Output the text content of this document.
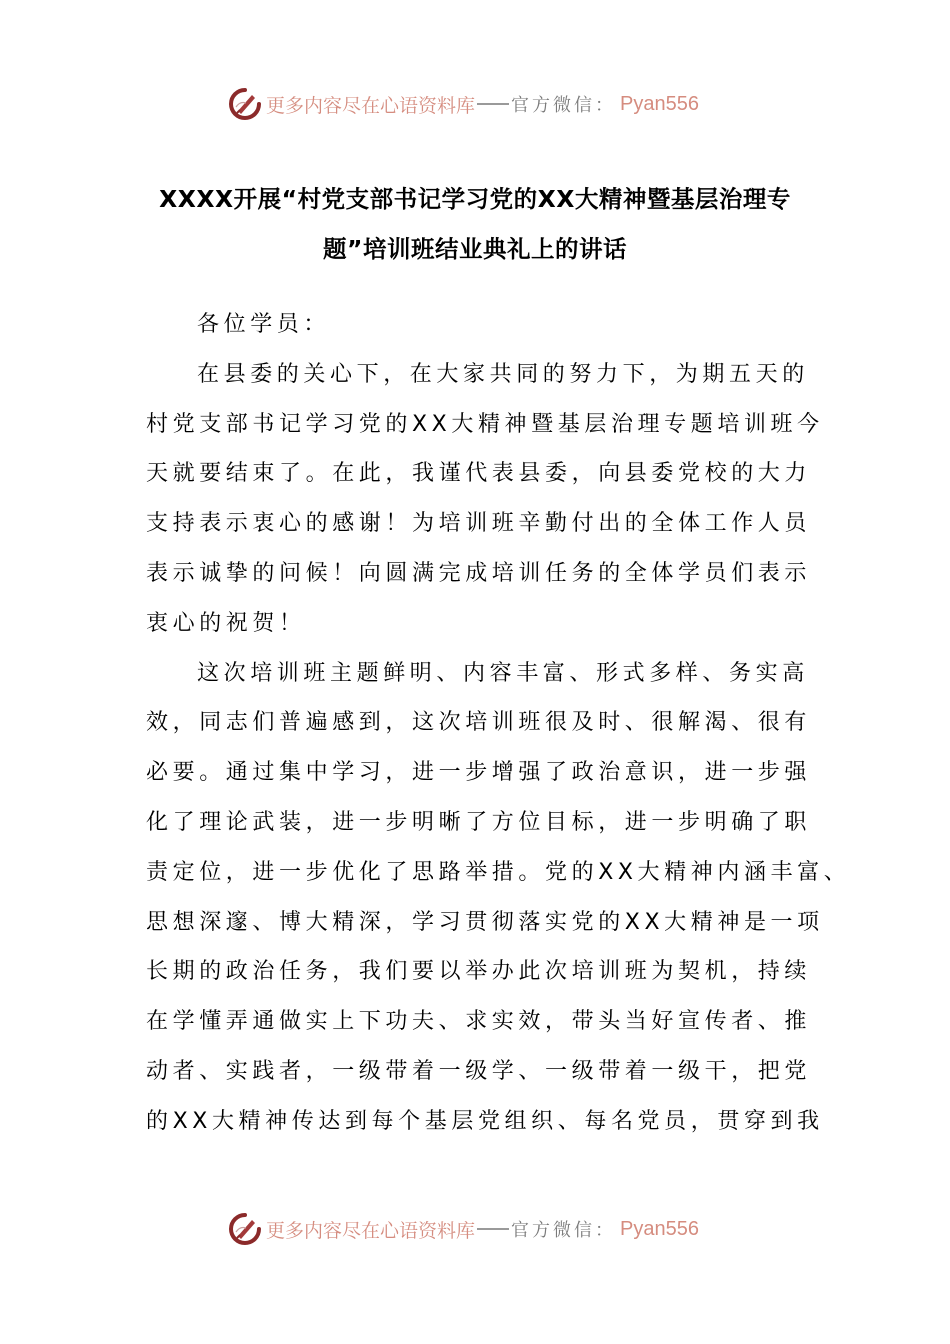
更多内容尽在心语资料库 官方微信： Pyan556
XXXX开展“村党支部书记学习党的XX大精神暨基层治理专
题”培训班结业典礼上的讲话
各位学员：
在县委的关心下，在大家共同的努力下，为期五天的
村党支部书记学习党的XX大精神暨基层治理专题培训班今
天就要结束了。在此，我谨代表县委，向县委党校的大力
支持表示衷心的感谢！为培训班辛勤付出的全体工作人员
表示诚挚的问候！向圆满完成培训任务的全体学员们表示
衷心的祝贺！
这次培训班主题鲜明、内容丰富、形式多样、务实高
效，同志们普遍感到，这次培训班很及时、很解渴、很有
必要。通过集中学习，进一步增强了政治意识，进一步强
化了理论武装，进一步明晰了方位目标，进一步明确了职
责定位，进一步优化了思路举措。党的XX大精神内涵丰富、
思想深邃、博大精深，学习贯彻落实党的XX大精神是一项
长期的政治任务，我们要以举办此次培训班为契机，持续
在学懂弄通做实上下功夫、求实效，带头当好宣传者、推
动者、实践者，一级带着一级学、一级带着一级干，把党
的XX大精神传达到每个基层党组织、每名党员，贯穿到我
更多内容尽在心语资料库 官方微信： Pyan556
